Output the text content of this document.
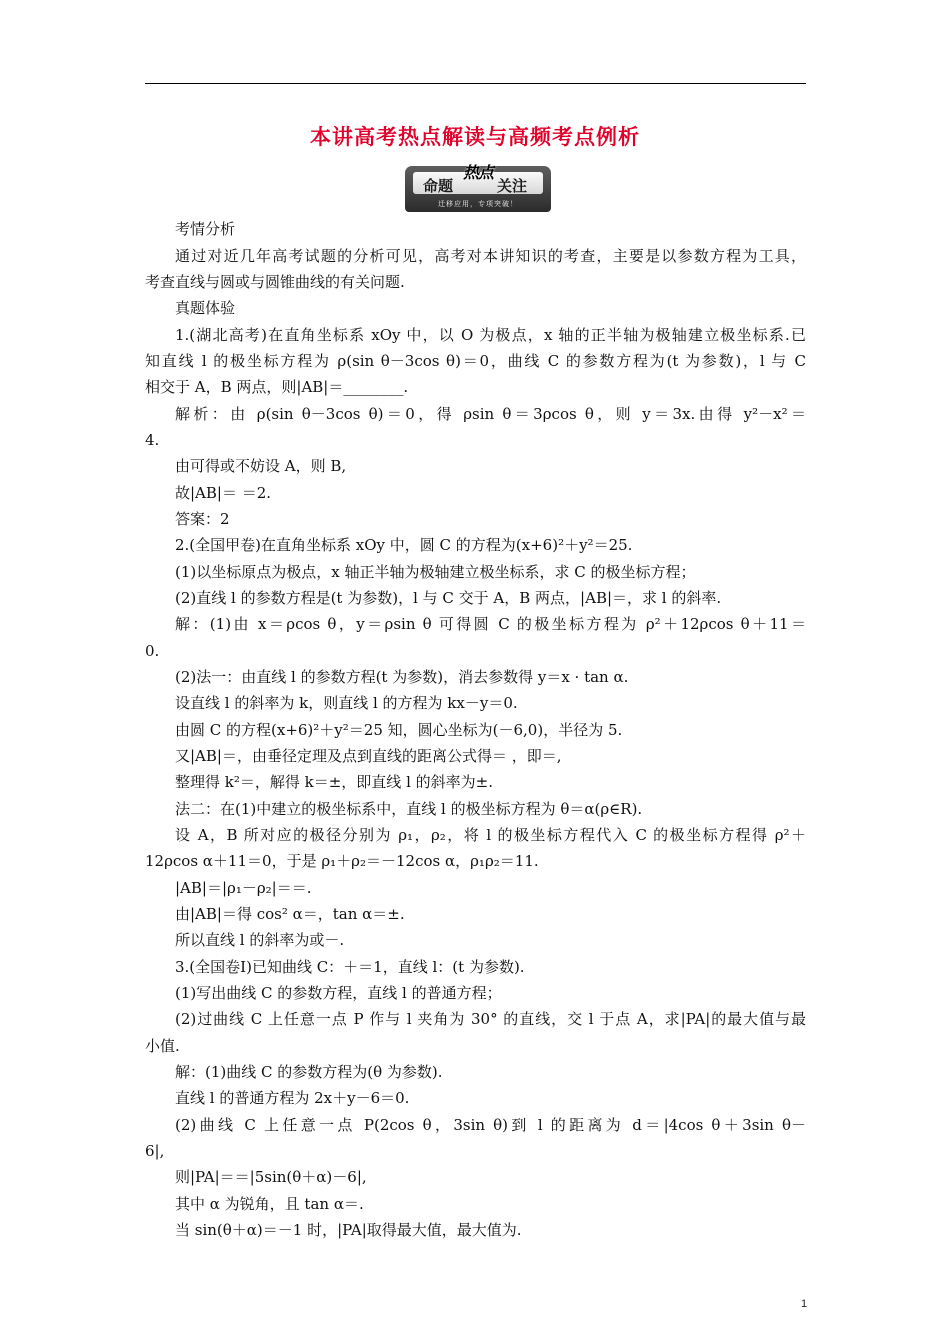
本讲高考热点解读与高频考点例析
命题
热点
关注
迁移应用，专项突破！
考情分析
通过对近几年高考试题的分析可见，高考对本讲知识的考查，主要是以参数方程为工具，
考查直线与圆或与圆锥曲线的有关问题.
真题体验
1.(湖北高考)在直角坐标系 xOy 中，以 O 为极点，x 轴的正半轴为极轴建立极坐标系.已
知直线 l 的极坐标方程为 ρ(sin θ－3cos θ)＝0，曲线 C 的参数方程为(t 为参数)，l 与 C
相交于 A，B 两点，则|AB|＝________.
解析：由 ρ(sin θ－3cos θ)＝0，得 ρsin θ＝3ρcos θ，则 y＝3x.由得 y²－x²＝
4.
由可得或不妨设 A，则 B,
故|AB|＝ ＝2.
答案：2
2.(全国甲卷)在直角坐标系 xOy 中，圆 C 的方程为(x+6)²＋y²＝25.
(1)以坐标原点为极点，x 轴正半轴为极轴建立极坐标系，求 C 的极坐标方程；
(2)直线 l 的参数方程是(t 为参数)，l 与 C 交于 A，B 两点，|AB|＝，求 l 的斜率.
解：(1)由 x＝ρcos θ，y＝ρsin θ 可得圆 C 的极坐标方程为 ρ²＋12ρcos θ＋11＝
0.
(2)法一：由直线 l 的参数方程(t 为参数)，消去参数得 y＝x · tan α.
设直线 l 的斜率为 k，则直线 l 的方程为 kx－y＝0.
由圆 C 的方程(x+6)²＋y²＝25 知，圆心坐标为(－6,0)，半径为 5.
又|AB|＝，由垂径定理及点到直线的距离公式得＝ ，即＝,
整理得 k²＝，解得 k＝±，即直线 l 的斜率为±.
法二：在(1)中建立的极坐标系中，直线 l 的极坐标方程为 θ＝α(ρ∈R).
设 A，B 所对应的极径分别为 ρ₁，ρ₂，将 l 的极坐标方程代入 C 的极坐标方程得 ρ²＋
12ρcos α＋11＝0，于是 ρ₁＋ρ₂＝－12cos α，ρ₁ρ₂＝11.
|AB|＝|ρ₁－ρ₂|＝＝.
由|AB|＝得 cos² α＝，tan α＝±.
所以直线 l 的斜率为或－.
3.(全国卷Ⅰ)已知曲线 C：＋＝1，直线 l：(t 为参数).
(1)写出曲线 C 的参数方程，直线 l 的普通方程；
(2)过曲线 C 上任意一点 P 作与 l 夹角为 30° 的直线，交 l 于点 A，求|PA|的最大值与最
小值.
解：(1)曲线 C 的参数方程为(θ 为参数).
直线 l 的普通方程为 2x＋y－6＝0.
(2)曲线 C 上任意一点 P(2cos θ，3sin θ)到 l 的距离为 d＝|4cos θ＋3sin θ－
6|,
则|PA|＝＝|5sin(θ＋α)－6|,
其中 α 为锐角，且 tan α＝.
当 sin(θ＋α)＝－1 时，|PA|取得最大值，最大值为.
1
